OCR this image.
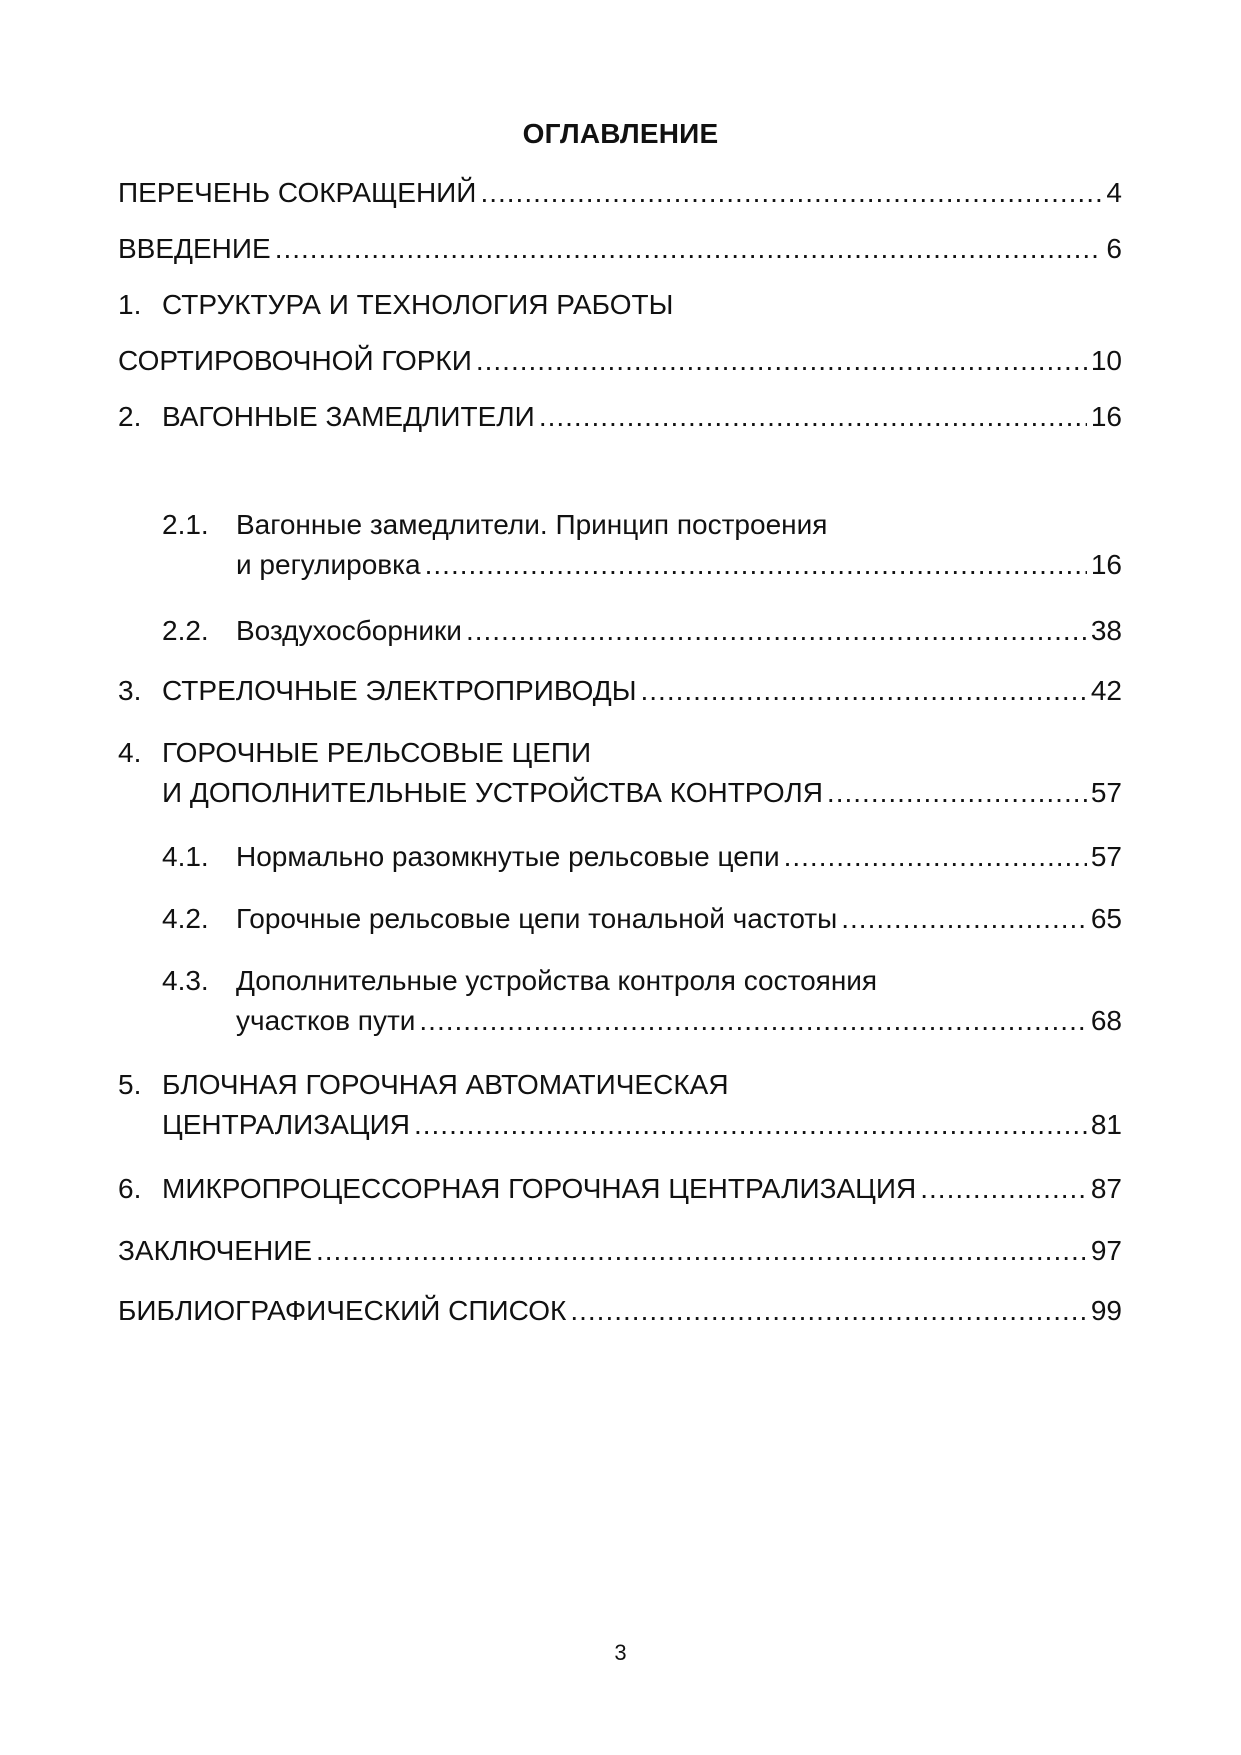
ОГЛАВЛЕНИЕ
ПЕРЕЧЕНЬ СОКРАЩЕНИЙ .....	4
ВВЕДЕНИЕ .....	6
1. СТРУКТУРА И ТЕХНОЛОГИЯ РАБОТЫ
СОРТИРОВОЧНОЙ ГОРКИ .....	10
2. ВАГОННЫЕ ЗАМЕДЛИТЕЛИ .....	16
2.1. Вагонные замедлители. Принцип построения
и регулировка .....	16
2.2. Воздухосборники .....	38
3. СТРЕЛОЧНЫЕ ЭЛЕКТРОПРИВОДЫ .....	42
4. ГОРОЧНЫЕ РЕЛЬСОВЫЕ ЦЕПИ
И ДОПОЛНИТЕЛЬНЫЕ УСТРОЙСТВА КОНТРОЛЯ .....	57
4.1. Нормально разомкнутые рельсовые цепи .....	57
4.2. Горочные рельсовые цепи тональной частоты .....	65
4.3. Дополнительные устройства контроля состояния
участков пути .....	68
5. БЛОЧНАЯ ГОРОЧНАЯ АВТОМАТИЧЕСКАЯ
ЦЕНТРАЛИЗАЦИЯ .....	81
6. МИКРОПРОЦЕССОРНАЯ ГОРОЧНАЯ ЦЕНТРАЛИЗАЦИЯ .....	87
ЗАКЛЮЧЕНИЕ .....	97
БИБЛИОГРАФИЧЕСКИЙ СПИСОК .....	99
3
